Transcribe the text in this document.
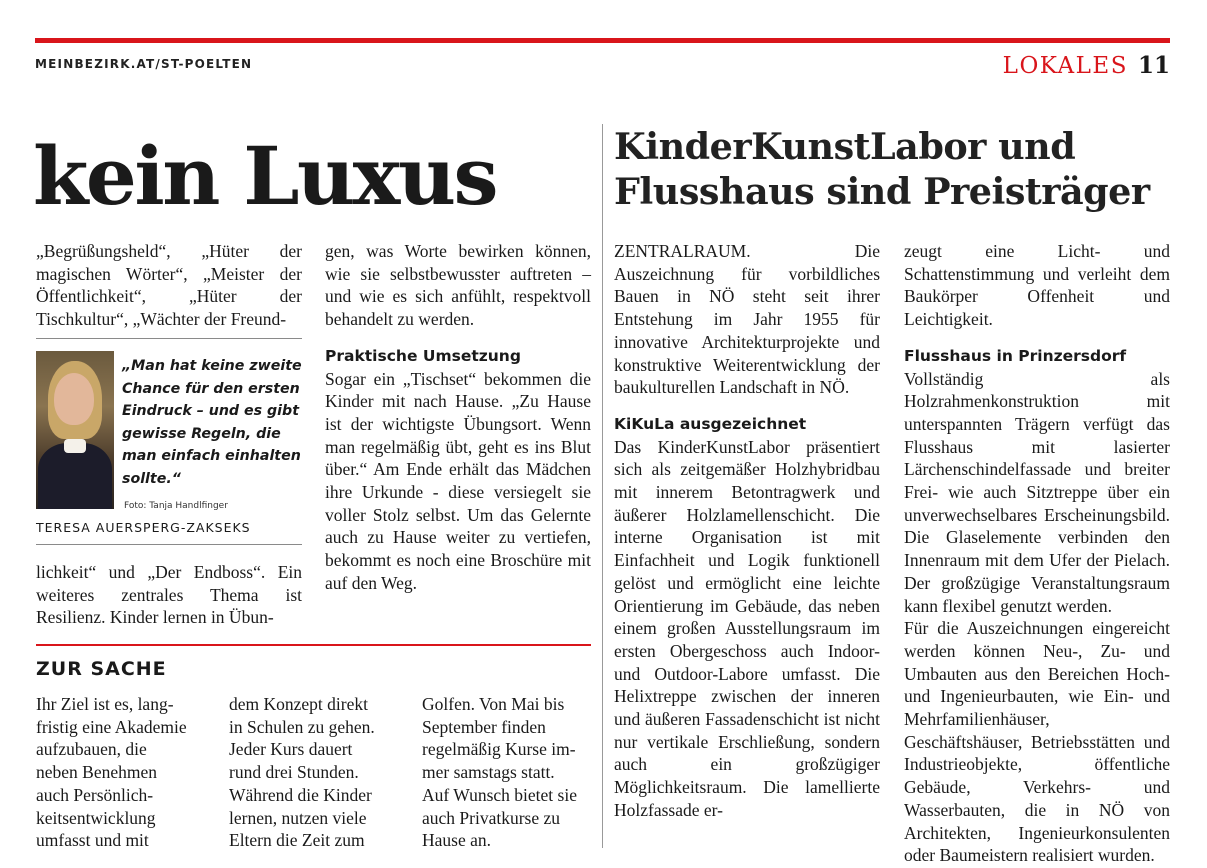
MEINBEZIRK.AT/ST-POELTEN	LOKALES 11
kein Luxus

„Begrüßungsheld“, „Hüter der magischen Wörter“, „Meister der Öffentlichkeit“, „Hüter der Tischkultur“, „Wächter der Freund-

„Man hat keine zweite Chance für den ersten Eindruck – und es gibt gewisse Regeln, die man einfach einhalten sollte.“
Foto: Tanja Handlfinger
TERESA AUERSPERG-ZAKSEKS

lichkeit“ und „Der Endboss“. Ein weiteres zentrales Thema ist Resilienz. Kinder lernen in Übun-

gen, was Worte bewirken können, wie sie selbstbewusster auftreten – und wie es sich anfühlt, respektvoll behandelt zu werden.

Praktische Umsetzung

Sogar ein „Tischset“ bekommen die Kinder mit nach Hause. „Zu Hause ist der wichtigste Übungsort. Wenn man regelmäßig übt, geht es ins Blut über.“ Am Ende erhält das Mädchen ihre Urkunde - diese versiegelt sie voller Stolz selbst. Um das Gelernte auch zu Hause weiter zu vertiefen, bekommt es noch eine Broschüre mit auf den Weg.

ZUR SACHE
Ihr Ziel ist es, lang-
fristig eine Akademie
aufzubauen, die
neben Benehmen
auch Persönlich-
keitsentwicklung
umfasst und mit
dem Konzept direkt
in Schulen zu gehen.
Jeder Kurs dauert
rund drei Stunden.
Während die Kinder
lernen, nutzen viele
Eltern die Zeit zum
Golfen. Von Mai bis
September finden
regelmäßig Kurse im-
mer samstags statt.
Auf Wunsch bietet sie
auch Privatkurse zu
Hause an.
KinderKunstLabor und Flusshaus sind Preisträger

ZENTRALRAUM. Die Auszeichnung für vorbildliches Bauen in NÖ steht seit ihrer Entstehung im Jahr 1955 für innovative Architekturprojekte und konstruktive Weiterentwicklung der baukulturellen Landschaft in NÖ.

KiKuLa ausgezeichnet

Das KinderKunstLabor präsentiert sich als zeitgemäßer Holzhybridbau mit innerem Betontragwerk und äußerer Holzlamellenschicht. Die interne Organisation ist mit Einfachheit und Logik funktionell gelöst und ermöglicht eine leichte Orientierung im Gebäude, das neben einem großen Ausstellungsraum im ersten Obergeschoss auch Indoor- und Outdoor-Labore umfasst. Die Helixtreppe zwischen der inneren und äußeren Fassadenschicht ist nicht nur vertikale Erschließung, sondern auch ein großzügiger Möglichkeitsraum. Die lamellierte Holzfassade er-

zeugt eine Licht- und Schattenstimmung und verleiht dem Baukörper Offenheit und Leichtigkeit.

Flusshaus in Prinzersdorf

Vollständig als Holzrahmenkonstruktion mit unterspannten Trägern verfügt das Flusshaus mit lasierter Lärchenschindelfassade und breiter Frei- wie auch Sitztreppe über ein unverwechselbares Erscheinungsbild. Die Glaselemente verbinden den Innenraum mit dem Ufer der Pielach. Der großzügige Veranstaltungsraum kann flexibel genutzt werden.

Für die Auszeichnungen eingereicht werden können Neu-, Zu- und Umbauten aus den Bereichen Hoch- und Ingenieurbauten, wie Ein- und Mehrfamilienhäuser, Geschäftshäuser, Betriebsstätten und Industrieobjekte, öffentliche Gebäude, Verkehrs- und Wasserbauten, die in NÖ von Architekten, Ingenieurkonsulenten oder Baumeistern realisiert wurden.
